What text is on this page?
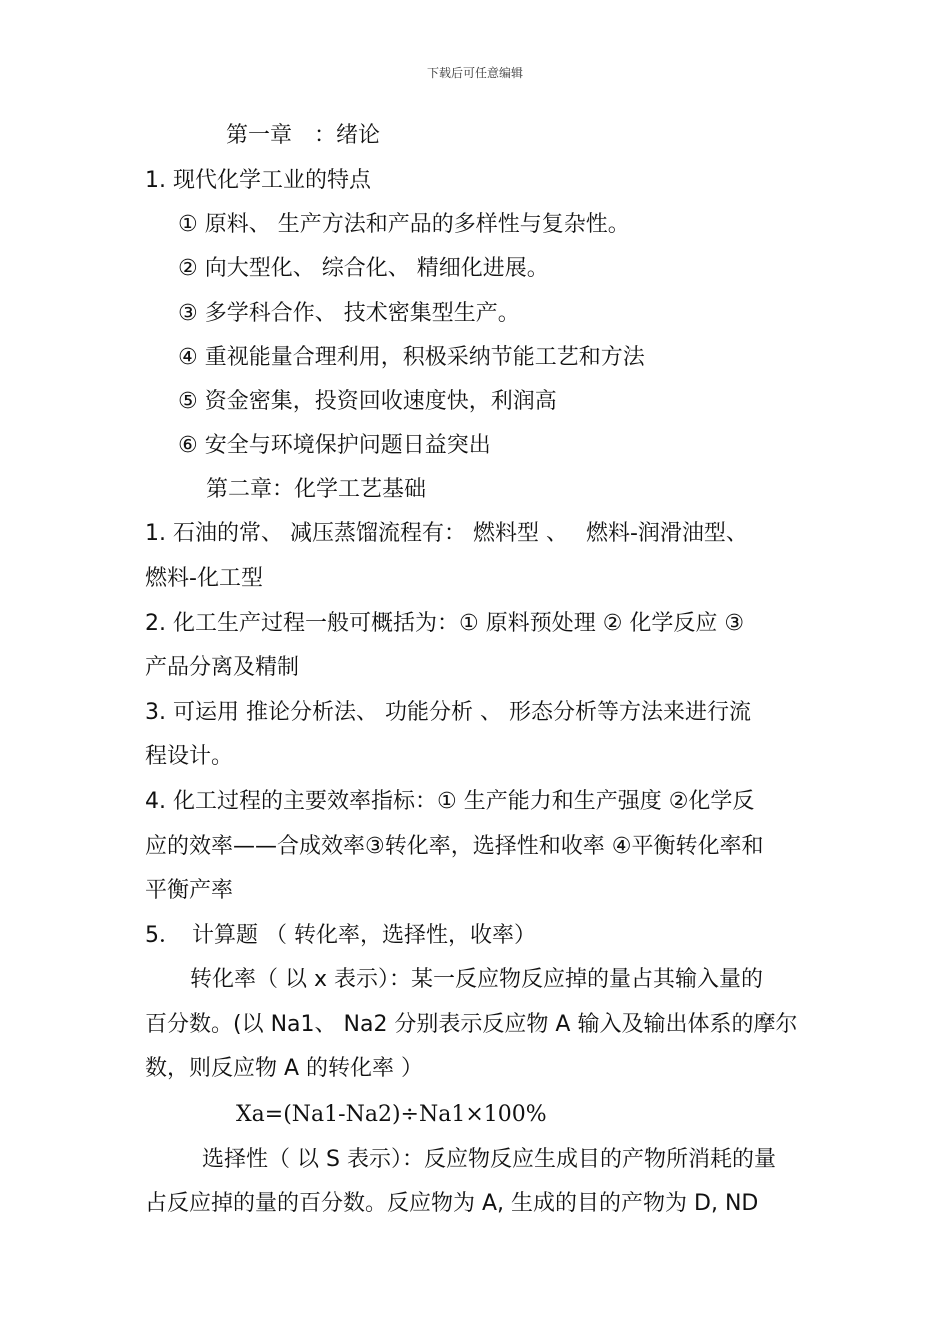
下载后可任意编辑
第一章　：绪论
1. 现代化学工业的特点
① 原料、 生产方法和产品的多样性与复杂性。
② 向大型化、 综合化、 精细化进展。
③ 多学科合作、 技术密集型生产。
④ 重视能量合理利用，积极采纳节能工艺和方法
⑤ 资金密集，投资回收速度快，利润高
⑥ 安全与环境保护问题日益突出
第二章：化学工艺基础
1. 石油的常、 减压蒸馏流程有： 燃料型 、　 燃料-润滑油型、
燃料-化工型
2. 化工生产过程一般可概括为：① 原料预处理 ② 化学反应 ③
产品分离及精制
3. 可运用 推论分析法、 功能分析 、 形态分析等方法来进行流
程设计。
4. 化工过程的主要效率指标：① 生产能力和生产强度 ②化学反
应的效率——合成效率③转化率，选择性和收率 ④平衡转化率和
平衡产率
5．　计算题 （ 转化率，选择性，收率）
转化率（ 以 x 表示）：某一反应物反应掉的量占其输入量的
百分数。(以 Na1、 Na2 分别表示反应物 A 输入及输出体系的摩尔
数，则反应物 A 的转化率 ）
Xa=(Na1-Na2)÷Na1×100%
选择性（ 以 S 表示）：反应物反应生成目的产物所消耗的量
占反应掉的量的百分数。反应物为 A, 生成的目的产物为 D, ND
